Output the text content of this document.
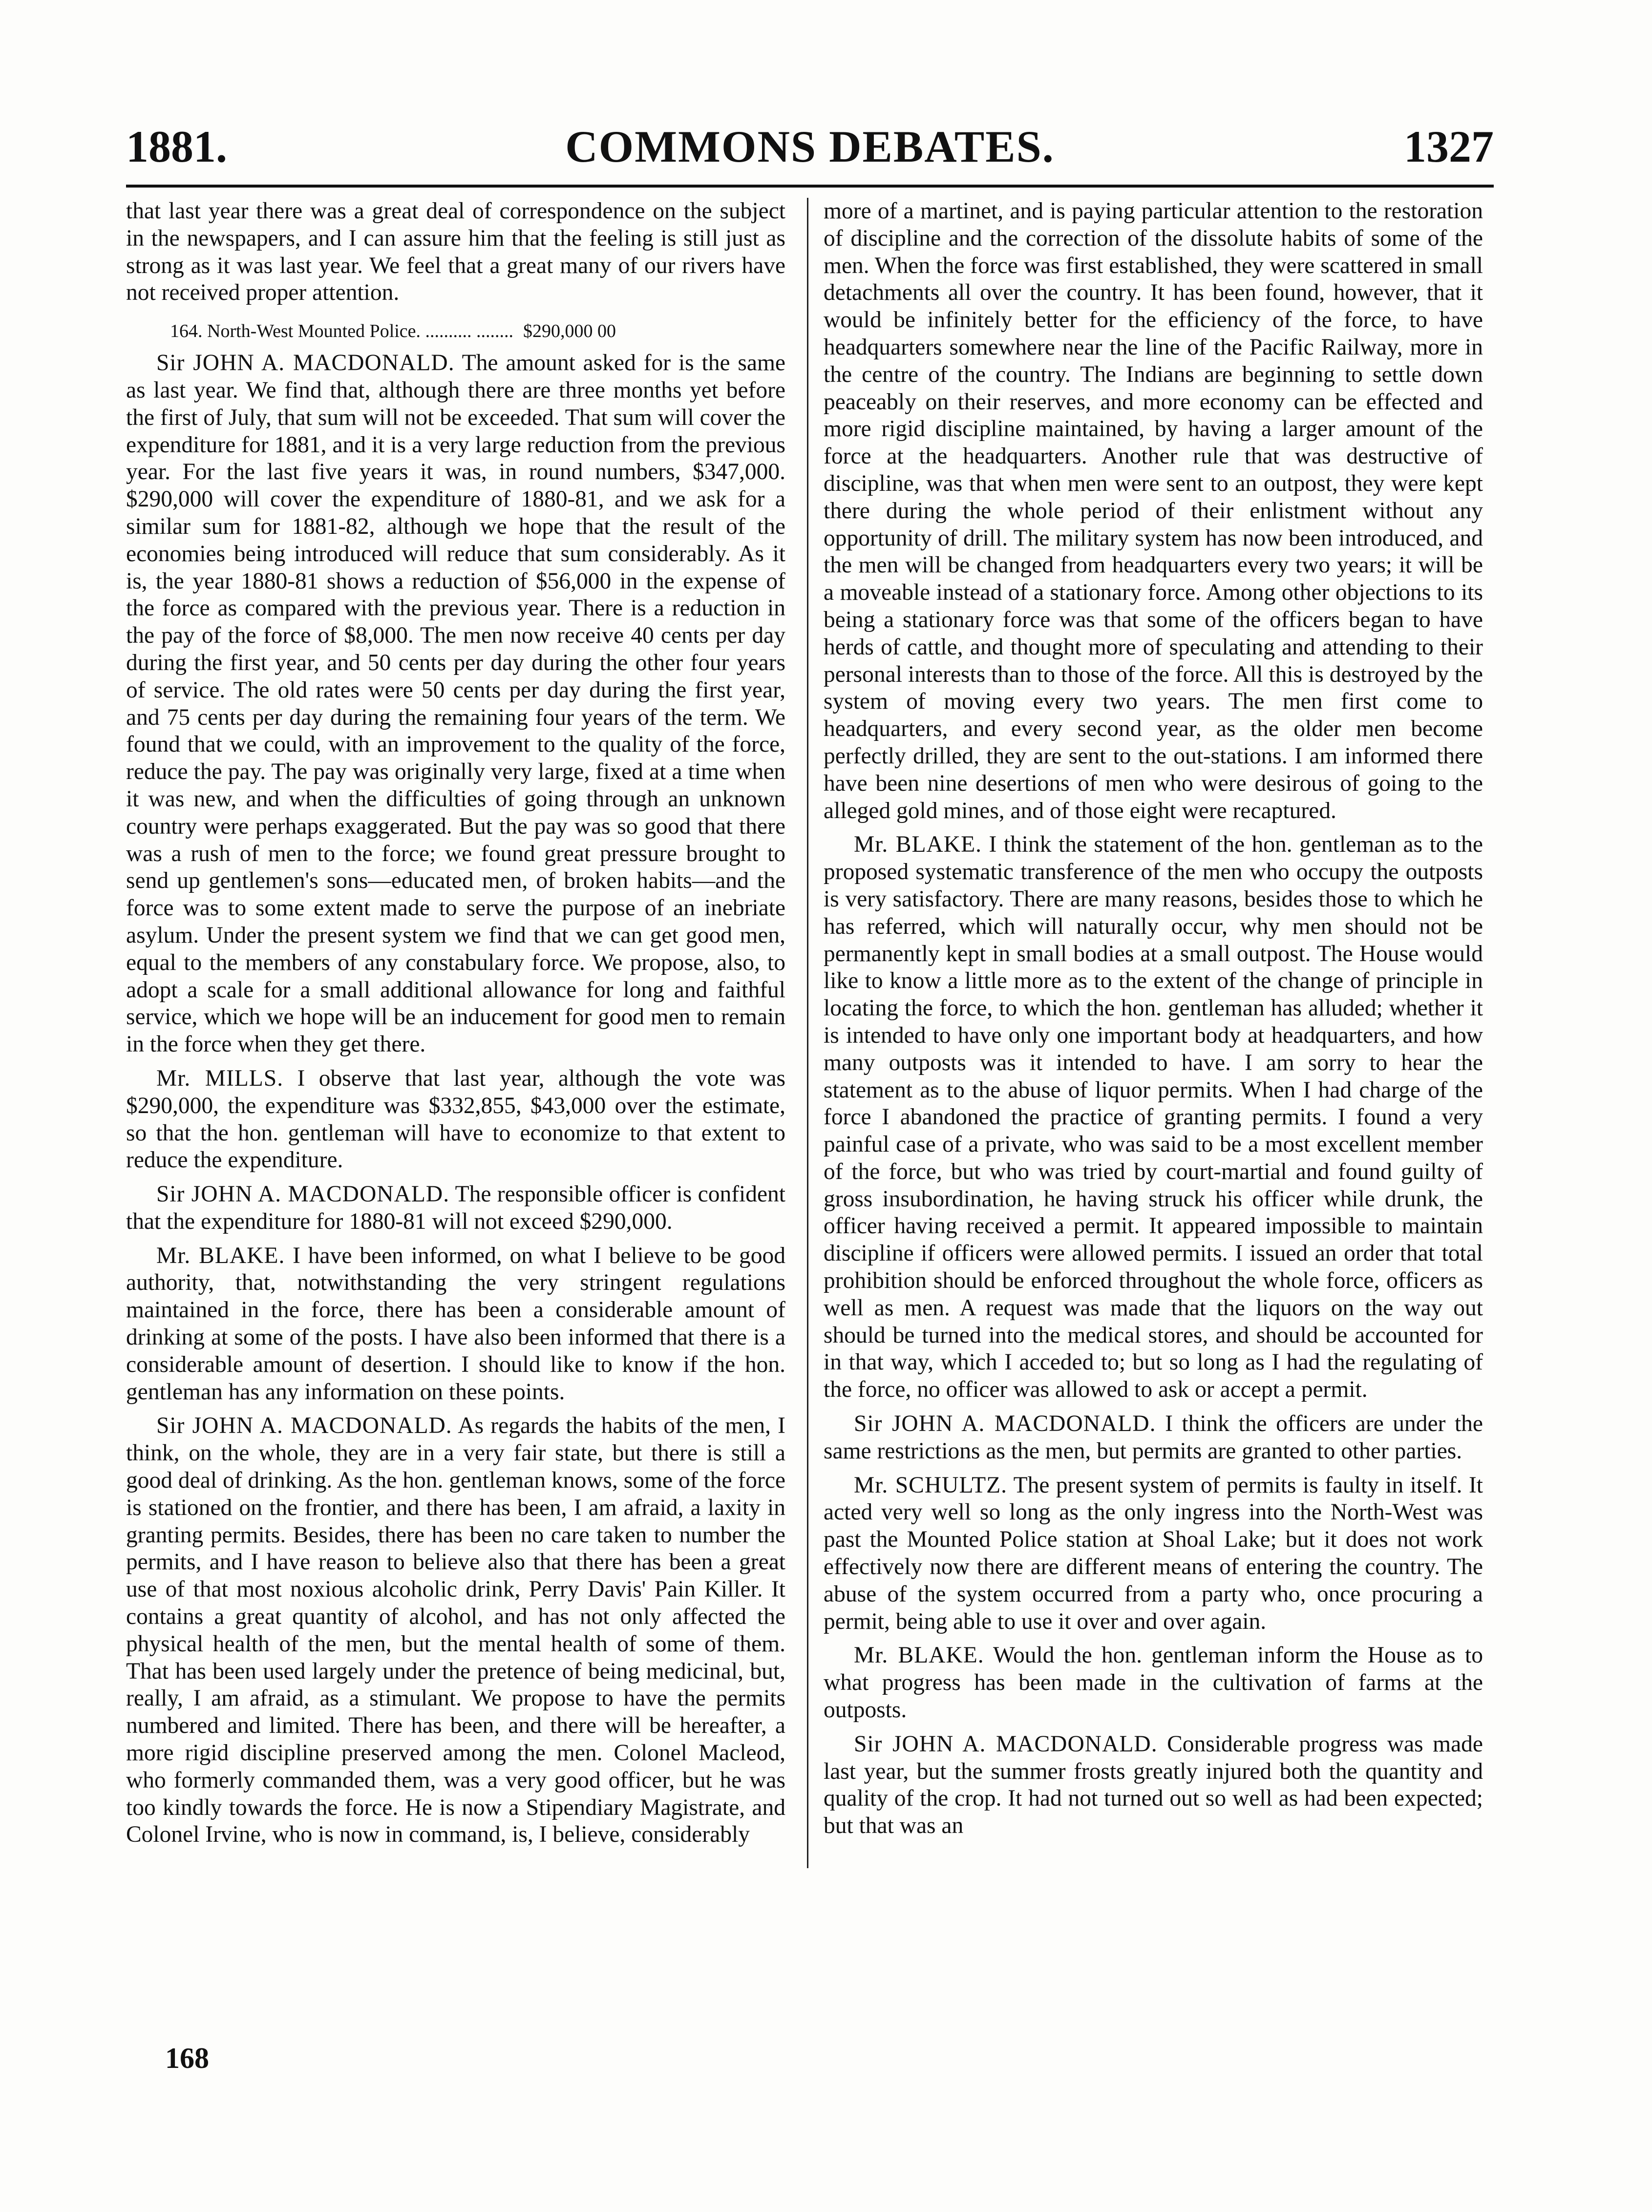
1881.	COMMONS DEBATES.	1327

that last year there was a great deal of correspondence on the subject in the newspapers, and I can assure him that the feeling is still just as strong as it was last year. We feel that a great many of our rivers have not received proper attention.

164. North-West Mounted Police. .......... ........ $290,000 00

Sir JOHN A. MACDONALD. The amount asked for is the same as last year. We find that, although there are three months yet before the first of July, that sum will not be exceeded. That sum will cover the expenditure for 1881, and it is a very large reduction from the previous year. For the last five years it was, in round numbers, $347,000. $290,000 will cover the expenditure of 1880-81, and we ask for a similar sum for 1881-82, although we hope that the result of the economies being introduced will reduce that sum considerably. As it is, the year 1880-81 shows a reduction of $56,000 in the expense of the force as compared with the previous year. There is a reduction in the pay of the force of $8,000. The men now receive 40 cents per day during the first year, and 50 cents per day during the other four years of service. The old rates were 50 cents per day during the first year, and 75 cents per day during the remaining four years of the term. We found that we could, with an improvement to the quality of the force, reduce the pay. The pay was originally very large, fixed at a time when it was new, and when the difficulties of going through an unknown country were perhaps exaggerated. But the pay was so good that there was a rush of men to the force; we found great pressure brought to send up gentlemen's sons—educated men, of broken habits—and the force was to some extent made to serve the purpose of an inebriate asylum. Under the present system we find that we can get good men, equal to the members of any constabulary force. We propose, also, to adopt a scale for a small additional allowance for long and faithful service, which we hope will be an inducement for good men to remain in the force when they get there.

Mr. MILLS. I observe that last year, although the vote was $290,000, the expenditure was $332,855, $43,000 over the estimate, so that the hon. gentleman will have to economize to that extent to reduce the expenditure.

Sir JOHN A. MACDONALD. The responsible officer is confident that the expenditure for 1880-81 will not exceed $290,000.

Mr. BLAKE. I have been informed, on what I believe to be good authority, that, notwithstanding the very stringent regulations maintained in the force, there has been a considerable amount of drinking at some of the posts. I have also been informed that there is a considerable amount of desertion. I should like to know if the hon. gentleman has any information on these points.

Sir JOHN A. MACDONALD. As regards the habits of the men, I think, on the whole, they are in a very fair state, but there is still a good deal of drinking. As the hon. gentleman knows, some of the force is stationed on the frontier, and there has been, I am afraid, a laxity in granting permits. Besides, there has been no care taken to number the permits, and I have reason to believe also that there has been a great use of that most noxious alcoholic drink, Perry Davis' Pain Killer. It contains a great quantity of alcohol, and has not only affected the physical health of the men, but the mental health of some of them. That has been used largely under the pretence of being medicinal, but, really, I am afraid, as a stimulant. We propose to have the permits numbered and limited. There has been, and there will be hereafter, a more rigid discipline preserved among the men. Colonel Macleod, who formerly commanded them, was a very good officer, but he was too kindly towards the force. He is now a Stipendiary Magistrate, and Colonel Irvine, who is now in command, is, I believe, considerably

more of a martinet, and is paying particular attention to the restoration of discipline and the correction of the dissolute habits of some of the men. When the force was first established, they were scattered in small detachments all over the country. It has been found, however, that it would be infinitely better for the efficiency of the force, to have headquarters somewhere near the line of the Pacific Railway, more in the centre of the country. The Indians are beginning to settle down peaceably on their reserves, and more economy can be effected and more rigid discipline maintained, by having a larger amount of the force at the headquarters. Another rule that was destructive of discipline, was that when men were sent to an outpost, they were kept there during the whole period of their enlistment without any opportunity of drill. The military system has now been introduced, and the men will be changed from headquarters every two years; it will be a moveable instead of a stationary force. Among other objections to its being a stationary force was that some of the officers began to have herds of cattle, and thought more of speculating and attending to their personal interests than to those of the force. All this is destroyed by the system of moving every two years. The men first come to headquarters, and every second year, as the older men become perfectly drilled, they are sent to the out-stations. I am informed there have been nine desertions of men who were desirous of going to the alleged gold mines, and of those eight were recaptured.

Mr. BLAKE. I think the statement of the hon. gentleman as to the proposed systematic transference of the men who occupy the outposts is very satisfactory. There are many reasons, besides those to which he has referred, which will naturally occur, why men should not be permanently kept in small bodies at a small outpost. The House would like to know a little more as to the extent of the change of principle in locating the force, to which the hon. gentleman has alluded; whether it is intended to have only one important body at headquarters, and how many outposts was it intended to have. I am sorry to hear the statement as to the abuse of liquor permits. When I had charge of the force I abandoned the practice of granting permits. I found a very painful case of a private, who was said to be a most excellent member of the force, but who was tried by court-martial and found guilty of gross insubordination, he having struck his officer while drunk, the officer having received a permit. It appeared impossible to maintain discipline if officers were allowed permits. I issued an order that total prohibition should be enforced throughout the whole force, officers as well as men. A request was made that the liquors on the way out should be turned into the medical stores, and should be accounted for in that way, which I acceded to; but so long as I had the regulating of the force, no officer was allowed to ask or accept a permit.

Sir JOHN A. MACDONALD. I think the officers are under the same restrictions as the men, but permits are granted to other parties.

Mr. SCHULTZ. The present system of permits is faulty in itself. It acted very well so long as the only ingress into the North-West was past the Mounted Police station at Shoal Lake; but it does not work effectively now there are different means of entering the country. The abuse of the system occurred from a party who, once procuring a permit, being able to use it over and over again.

Mr. BLAKE. Would the hon. gentleman inform the House as to what progress has been made in the cultivation of farms at the outposts.

Sir JOHN A. MACDONALD. Considerable progress was made last year, but the summer frosts greatly injured both the quantity and quality of the crop. It had not turned out so well as had been expected; but that was an

168
